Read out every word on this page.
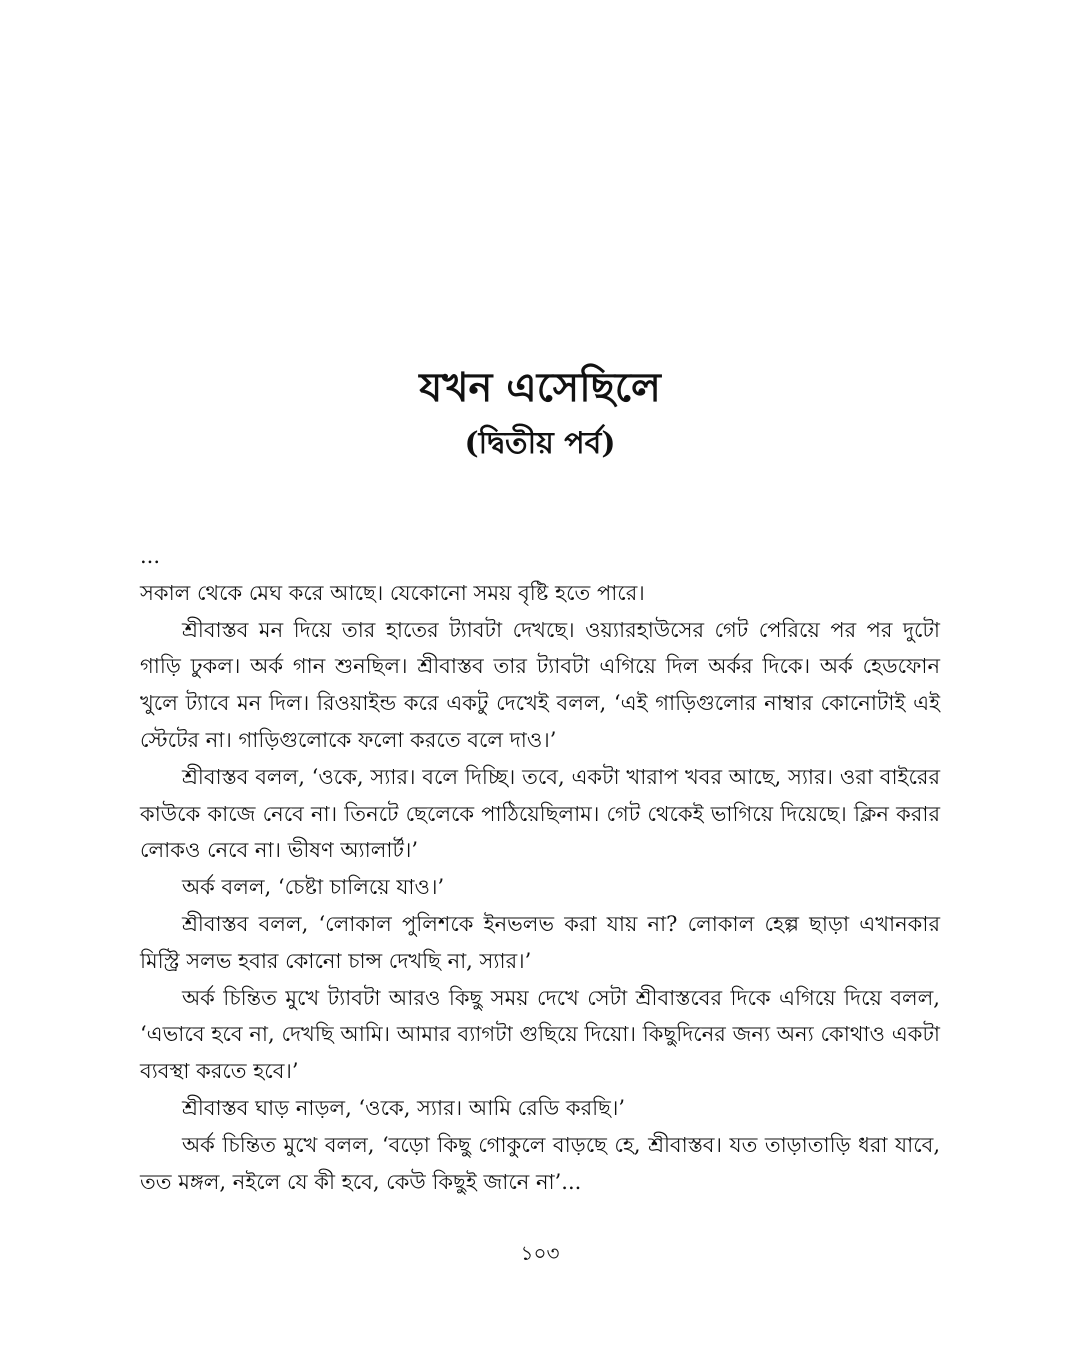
যখন এসেছিলে
(দ্বিতীয় পর্ব)

...

সকাল থেকে মেঘ করে আছে। যেকোনো সময় বৃষ্টি হতে পারে।

শ্রীবাস্তব মন দিয়ে তার হাতের ট্যাবটা দেখছে। ওয়্যারহাউসের গেট পেরিয়ে পর পর দুটো গাড়ি ঢুকল। অর্ক গান শুনছিল। শ্রীবাস্তব তার ট্যাবটা এগিয়ে দিল অর্কর দিকে। অর্ক হেডফোন খুলে ট্যাবে মন দিল। রিওয়াইন্ড করে একটু দেখেই বলল, ‘এই গাড়িগুলোর নাম্বার কোনোটাই এই স্টেটের না। গাড়িগুলোকে ফলো করতে বলে দাও।’

শ্রীবাস্তব বলল, ‘ওকে, স্যার। বলে দিচ্ছি। তবে, একটা খারাপ খবর আছে, স্যার। ওরা বাইরের কাউকে কাজে নেবে না। তিনটে ছেলেকে পাঠিয়েছিলাম। গেট থেকেই ভাগিয়ে দিয়েছে। ক্লিন করার লোকও নেবে না। ভীষণ অ্যালার্ট।’

অর্ক বলল, ‘চেষ্টা চালিয়ে যাও।’

শ্রীবাস্তব বলল, ‘লোকাল পুলিশকে ইনভলভ করা যায় না? লোকাল হেল্প ছাড়া এখানকার মিস্ট্রি সলভ হবার কোনো চান্স দেখছি না, স্যার।’

অর্ক চিন্তিত মুখে ট্যাবটা আরও কিছু সময় দেখে সেটা শ্রীবাস্তবের দিকে এগিয়ে দিয়ে বলল, ‘এভাবে হবে না, দেখছি আমি। আমার ব্যাগটা গুছিয়ে দিয়ো। কিছুদিনের জন্য অন্য কোথাও একটা ব্যবস্থা করতে হবে।’

শ্রীবাস্তব ঘাড় নাড়ল, ‘ওকে, স্যার। আমি রেডি করছি।’

অর্ক চিন্তিত মুখে বলল, ‘বড়ো কিছু গোকুলে বাড়ছে হে, শ্রীবাস্তব। যত তাড়াতাড়ি ধরা যাবে, তত মঙ্গল, নইলে যে কী হবে, কেউ কিছুই জানে না’...

১০৩
